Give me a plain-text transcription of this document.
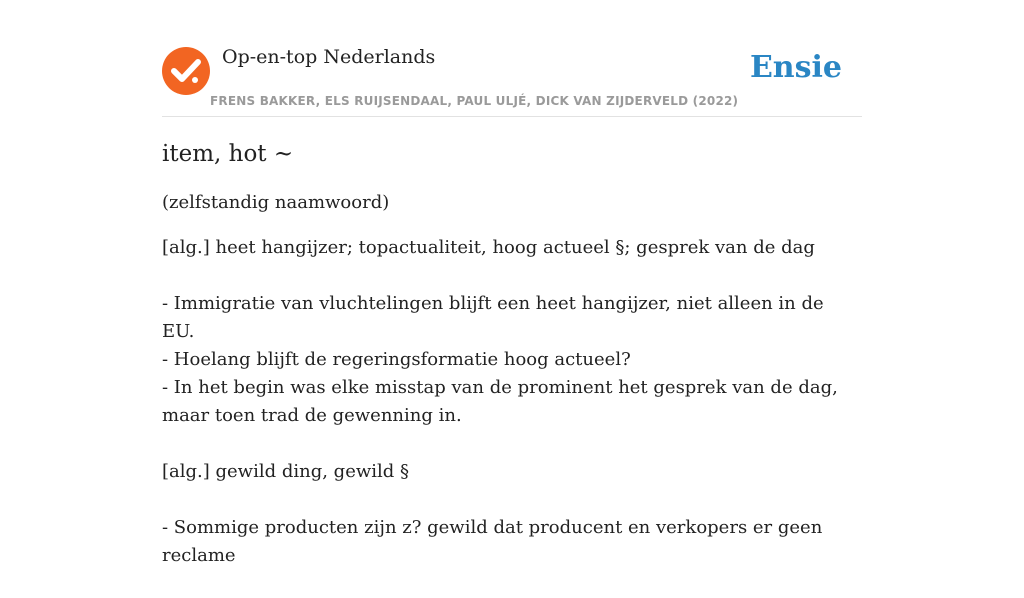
Op-en-top Nederlands
FRENS BAKKER, ELS RUIJSENDAAL, PAUL ULJÉ, DICK VAN ZIJDERVELD (2022)
Ensie
item, hot ~
(zelfstandig naamwoord)
[alg.] heet hangijzer; topactualiteit, hoog actueel §; gesprek van de dag
- Immigratie van vluchtelingen blijft een heet hangijzer, niet alleen in de EU.
- Hoelang blijft de regeringsformatie hoog actueel?
- In het begin was elke misstap van de prominent het gesprek van de dag, maar toen trad de gewenning in.
[alg.] gewild ding, gewild §
- Sommige producten zijn z? gewild dat producent en verkopers er geen reclame
